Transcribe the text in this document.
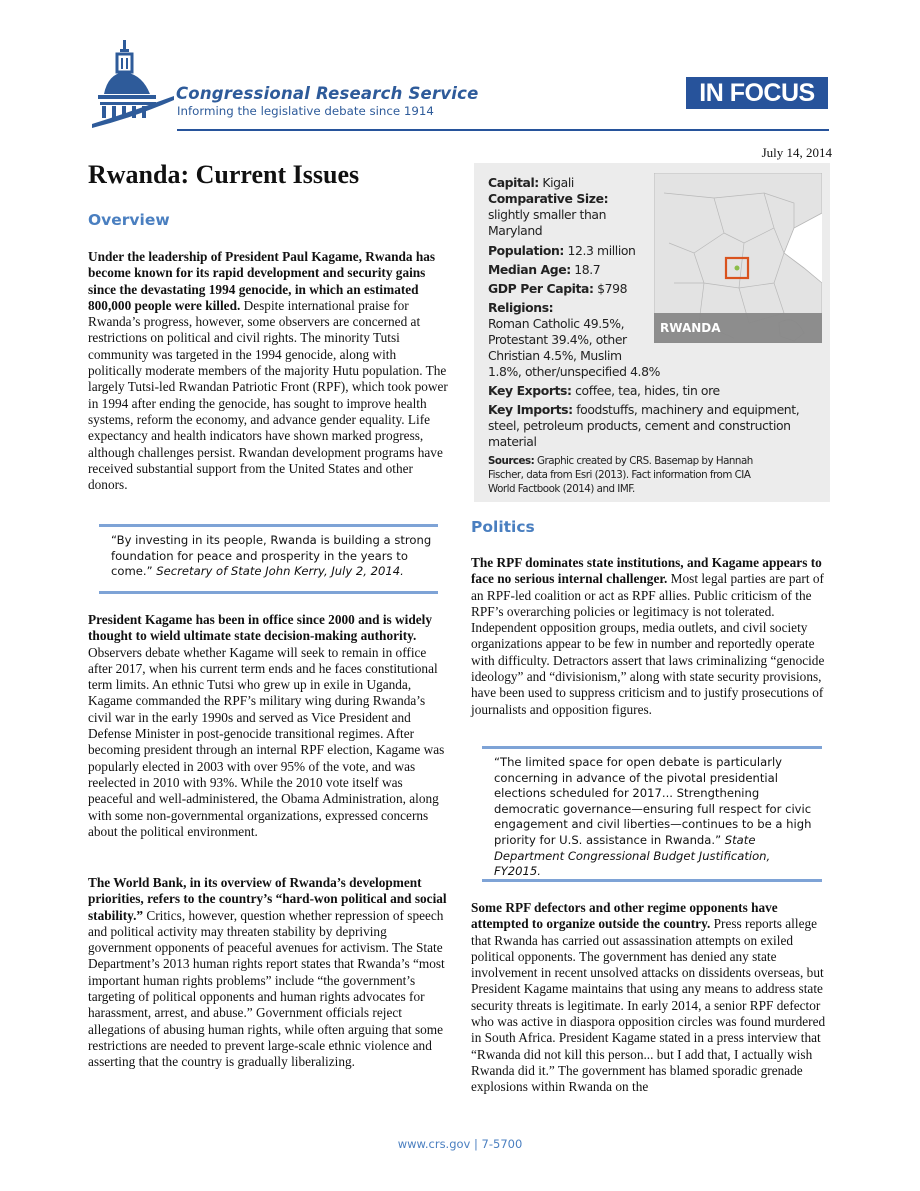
Congressional Research Service
Informing the legislative debate since 1914
IN FOCUS
July 14, 2014
Rwanda: Current Issues
Overview

Under the leadership of President Paul Kagame, Rwanda has become known for its rapid development and security gains since the devastating 1994 genocide, in which an estimated 800,000 people were killed. Despite international praise for Rwanda’s progress, however, some observers are concerned at restrictions on political and civil rights. The minority Tutsi community was targeted in the 1994 genocide, along with politically moderate members of the majority Hutu population. The largely Tutsi-led Rwandan Patriotic Front (RPF), which took power in 1994 after ending the genocide, has sought to improve health systems, reform the economy, and advance gender equality. Life expectancy and health indicators have shown marked progress, although challenges persist. Rwandan development programs have received substantial support from the United States and other donors.

“By investing in its people, Rwanda is building a strong foundation for peace and prosperity in the years to come.” Secretary of State John Kerry, July 2, 2014.

President Kagame has been in office since 2000 and is widely thought to wield ultimate state decision-making authority. Observers debate whether Kagame will seek to remain in office after 2017, when his current term ends and he faces constitutional term limits. An ethnic Tutsi who grew up in exile in Uganda, Kagame commanded the RPF’s military wing during Rwanda’s civil war in the early 1990s and served as Vice President and Defense Minister in post-genocide transitional regimes. After becoming president through an internal RPF election, Kagame was popularly elected in 2003 with over 95% of the vote, and was reelected in 2010 with 93%. While the 2010 vote itself was peaceful and well-administered, the Obama Administration, along with some non-governmental organizations, expressed concerns about the political environment.

The World Bank, in its overview of Rwanda’s development priorities, refers to the country’s “hard-won political and social stability.” Critics, however, question whether repression of speech and political activity may threaten stability by depriving government opponents of peaceful avenues for activism. The State Department’s 2013 human rights report states that Rwanda’s “most important human rights problems” include “the government’s targeting of political opponents and human rights advocates for harassment, arrest, and abuse.” Government officials reject allegations of abusing human rights, while often arguing that some restrictions are needed to prevent large-scale ethnic violence and asserting that the country is gradually liberalizing.

Capital: Kigali
Comparative Size:
slightly smaller than
Maryland
Population: 12.3 million
Median Age: 18.7
GDP Per Capita: $798
Religions:
Roman Catholic 49.5%,
Protestant 39.4%, other
Christian 4.5%, Muslim
1.8%, other/unspecified 4.8%
Key Exports: coffee, tea, hides, tin ore
Key Imports: foodstuffs, machinery and equipment,
steel, petroleum products, cement and construction
material
Sources: Graphic created by CRS. Basemap by Hannah
Fischer, data from Esri (2013). Fact information from CIA
World Factbook (2014) and IMF.
RWANDA
Politics

The RPF dominates state institutions, and Kagame appears to face no serious internal challenger. Most legal parties are part of an RPF-led coalition or act as RPF allies. Public criticism of the RPF’s overarching policies or legitimacy is not tolerated. Independent opposition groups, media outlets, and civil society organizations appear to be few in number and reportedly operate with difficulty. Detractors assert that laws criminalizing “genocide ideology” and “divisionism,” along with state security provisions, have been used to suppress criticism and to justify prosecutions of journalists and opposition figures.

“The limited space for open debate is particularly concerning in advance of the pivotal presidential elections scheduled for 2017... Strengthening democratic governance—ensuring full respect for civic engagement and civil liberties—continues to be a high priority for U.S. assistance in Rwanda.” State Department Congressional Budget Justification, FY2015.

Some RPF defectors and other regime opponents have attempted to organize outside the country. Press reports allege that Rwanda has carried out assassination attempts on exiled political opponents. The government has denied any state involvement in recent unsolved attacks on dissidents overseas, but President Kagame maintains that using any means to address state security threats is legitimate. In early 2014, a senior RPF defector who was active in diaspora opposition circles was found murdered in South Africa. President Kagame stated in a press interview that “Rwanda did not kill this person... but I add that, I actually wish Rwanda did it.” The government has blamed sporadic grenade explosions within Rwanda on the

www.crs.gov | 7-5700
